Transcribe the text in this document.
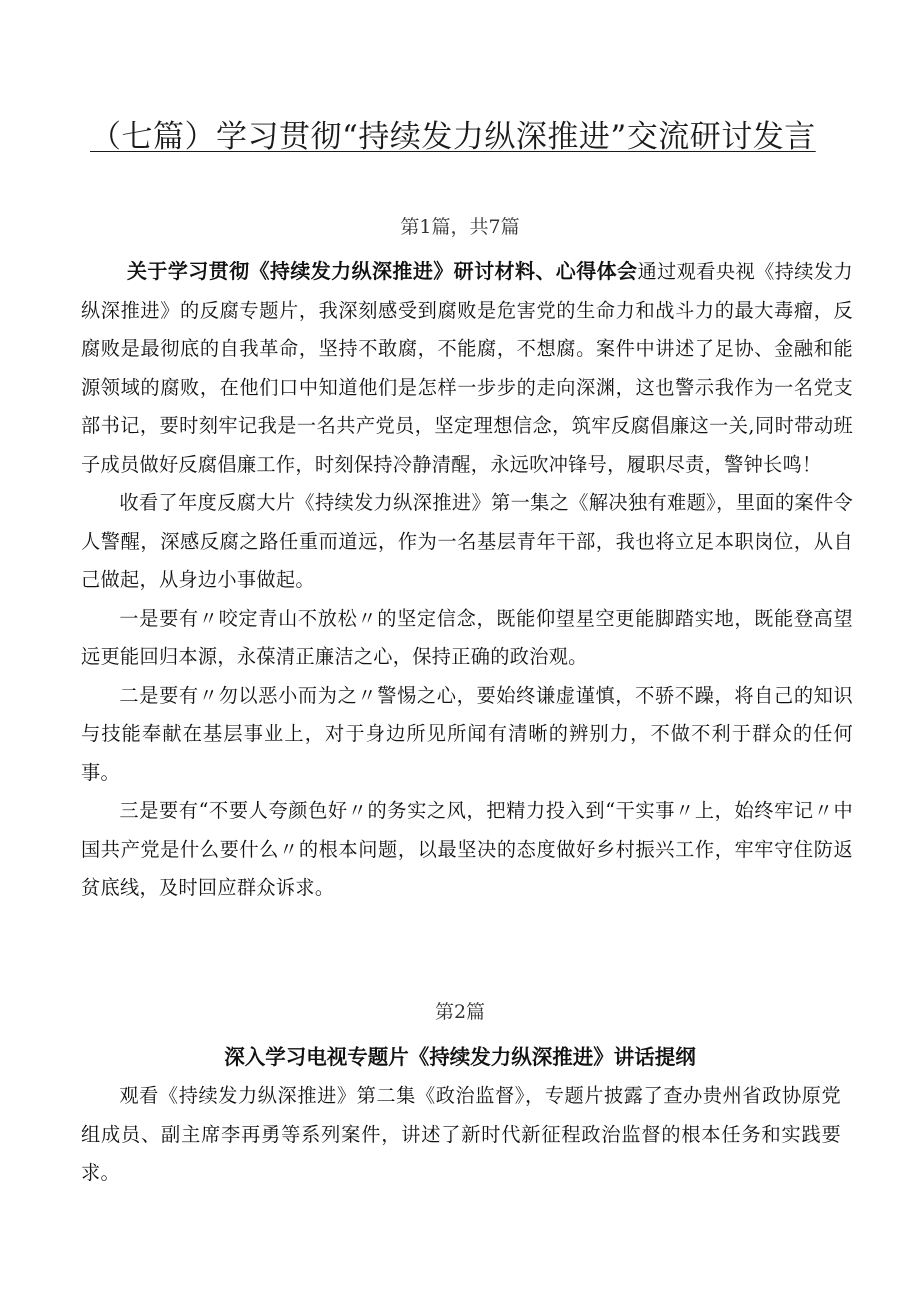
（七篇）学习贯彻“持续发力纵深推进”交流研讨发言
第1篇，共7篇

关于学习贯彻《持续发力纵深推进》研讨材料、心得体会通过观看央视《持续发力纵深推进》的反腐专题片，我深刻感受到腐败是危害党的生命力和战斗力的最大毒瘤，反腐败是最彻底的自我革命，坚持不敢腐，不能腐，不想腐。案件中讲述了足协、金融和能源领域的腐败，在他们口中知道他们是怎样一步步的走向深渊，这也警示我作为一名党支部书记，要时刻牢记我是一名共产党员，坚定理想信念，筑牢反腐倡廉这一关,同时带动班子成员做好反腐倡廉工作，时刻保持冷静清醒，永远吹冲锋号，履职尽责，警钟长鸣！

收看了年度反腐大片《持续发力纵深推进》第一集之《解决独有难题》，里面的案件令人警醒，深感反腐之路任重而道远，作为一名基层青年干部，我也将立足本职岗位，从自己做起，从身边小事做起。

一是要有〃咬定青山不放松〃的坚定信念，既能仰望星空更能脚踏实地，既能登高望远更能回归本源，永葆清正廉洁之心，保持正确的政治观。

二是要有〃勿以恶小而为之〃警惕之心，要始终谦虚谨慎，不骄不躁，将自己的知识与技能奉献在基层事业上，对于身边所见所闻有清晰的辨别力，不做不利于群众的任何事。

三是要有“不要人夸颜色好〃的务实之风，把精力投入到“干实事〃上，始终牢记〃中国共产党是什么要什么〃的根本问题，以最坚决的态度做好乡村振兴工作，牢牢守住防返贫底线，及时回应群众诉求。

第2篇
深入学习电视专题片《持续发力纵深推进》讲话提纲

观看《持续发力纵深推进》第二集《政治监督》，专题片披露了查办贵州省政协原党组成员、副主席李再勇等系列案件，讲述了新时代新征程政治监督的根本任务和实践要求。
